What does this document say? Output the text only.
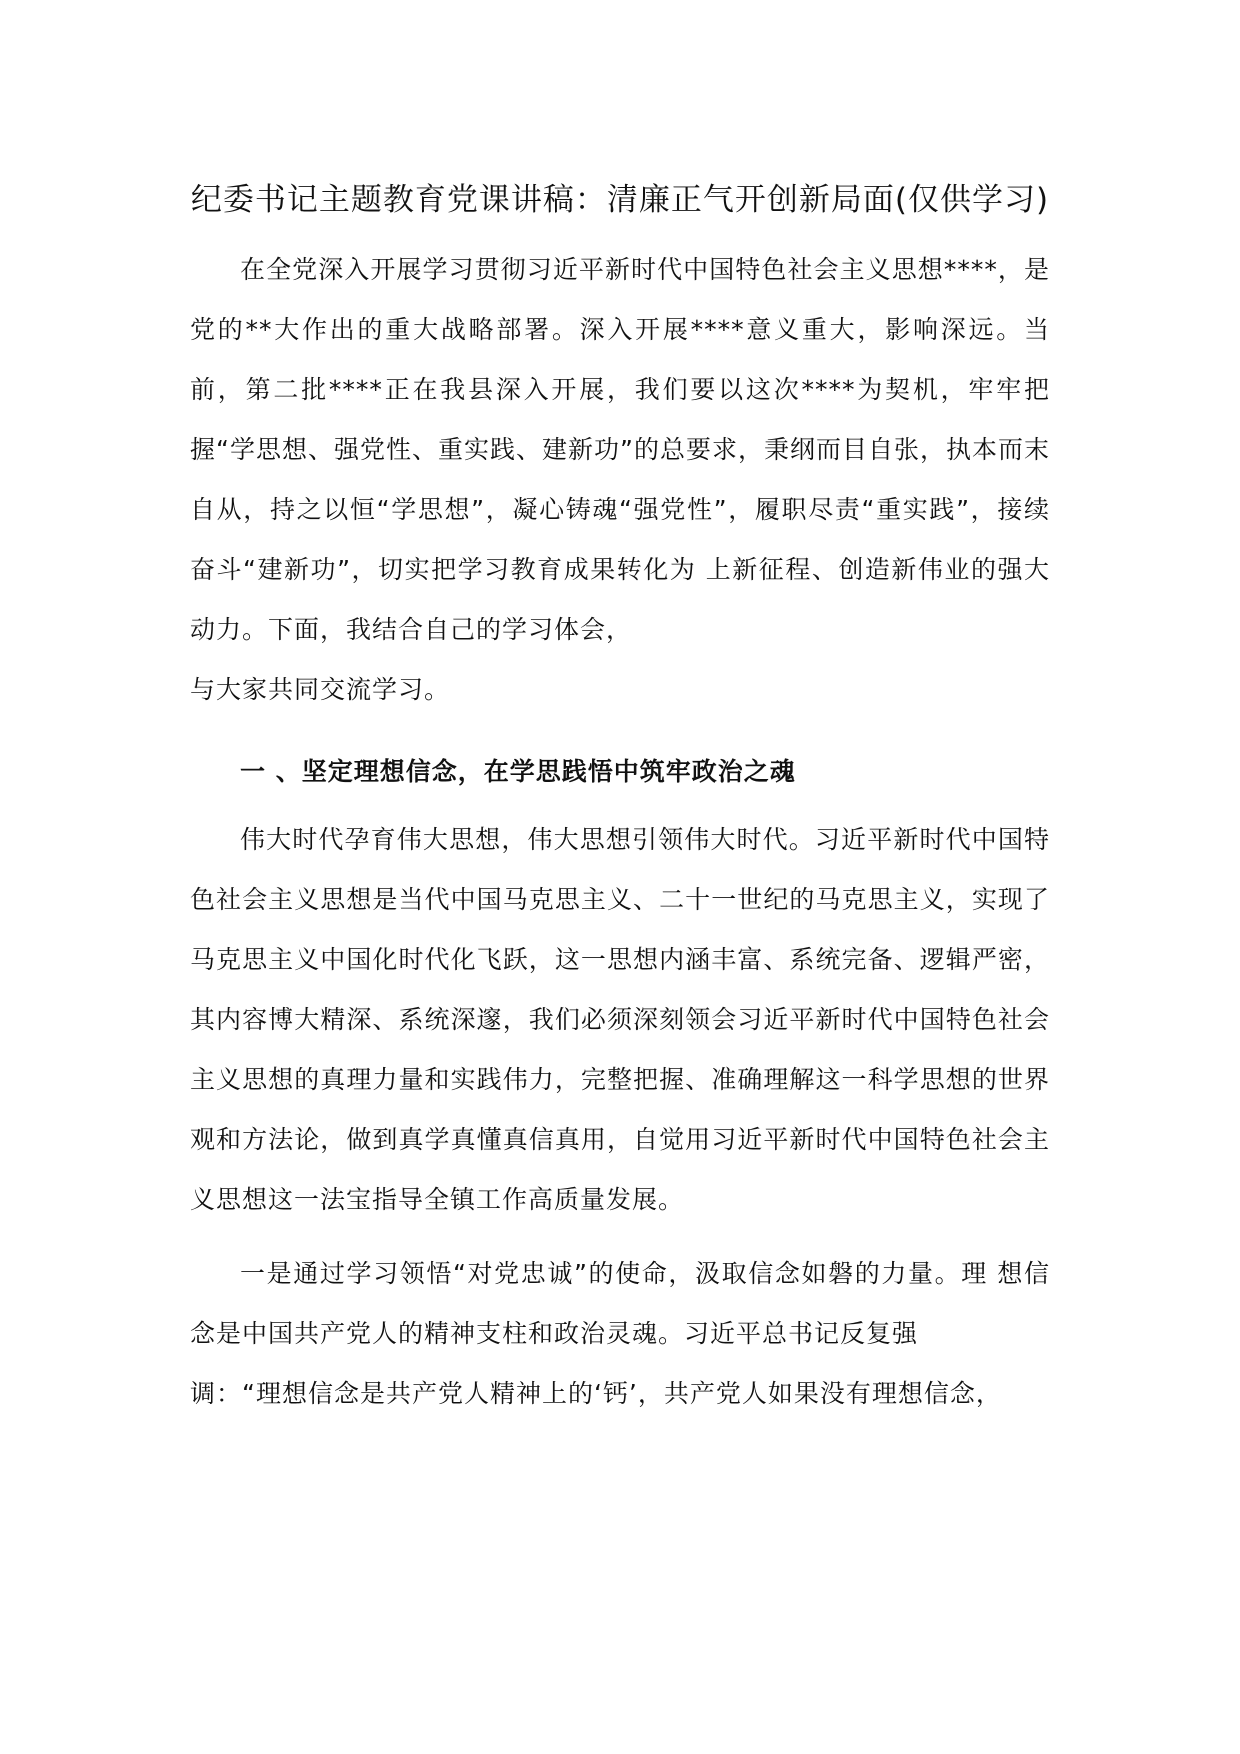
纪委书记主题教育党课讲稿：清廉正气开创新局面(仅供学习)

在全党深入开展学习贯彻习近平新时代中国特色社会主义思想****，是党的**大作出的重大战略部署。深入开展****意义重大，影响深远。当前，第二批****正在我县深入开展，我们要以这次****为契机，牢牢把握“学思想、强党性、重实践、建新功”的总要求，秉纲而目自张，执本而末自从，持之以恒“学思想”，凝心铸魂“强党性”，履职尽责“重实践”，接续奋斗“建新功”，切实把学习教育成果转化为 上新征程、创造新伟业的强大动力。下面，我结合自己的学习体会，

与大家共同交流学习。

一 、坚定理想信念，在学思践悟中筑牢政治之魂

伟大时代孕育伟大思想，伟大思想引领伟大时代。习近平新时代中国特色社会主义思想是当代中国马克思主义、二十一世纪的马克思主义，实现了马克思主义中国化时代化飞跃，这一思想内涵丰富、系统完备、逻辑严密，其内容博大精深、系统深邃，我们必须深刻领会习近平新时代中国特色社会主义思想的真理力量和实践伟力，完整把握、准确理解这一科学思想的世界观和方法论，做到真学真懂真信真用，自觉用习近平新时代中国特色社会主义思想这一法宝指导全镇工作高质量发展。

一是通过学习领悟“对党忠诚”的使命，汲取信念如磐的力量。理 想信念是中国共产党人的精神支柱和政治灵魂。习近平总书记反复强

调：“理想信念是共产党人精神上的‘钙’，共产党人如果没有理想信念，
